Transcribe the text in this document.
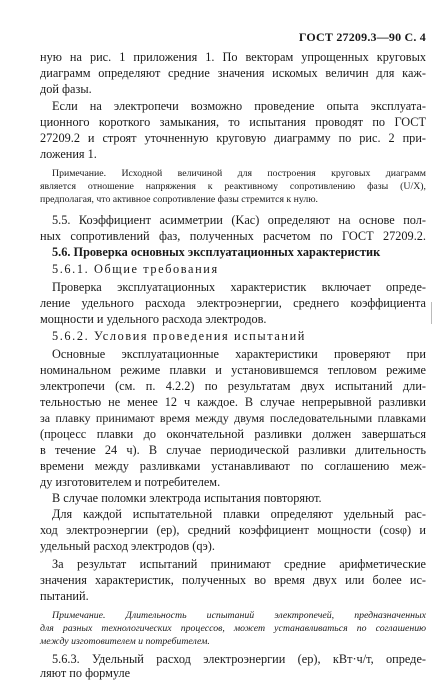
ГОСТ 27209.3—90 С. 4
ную на рис. 1 приложения 1. По векторам упрощенных круговых
диаграмм определяют средние значения искомых величин для каж-
дой фазы.
Если на электропечи возможно проведение опыта эксплуата-
ционного короткого замыкания, то испытания проводят по ГОСТ
27209.2 и строят уточненную круговую диаграмму по рис. 2 при-
ложения 1.
Примечание. Исходной величиной для построения круговых диаграмм
является отношение напряжения к реактивному сопротивлению фазы (U/X),
предполагая, что активное сопротивление фазы стремится к нулю.
5.5. Коэффициент асимметрии (Kас) определяют на основе пол-
ных сопротивлений фаз, полученных расчетом по ГОСТ 27209.2.
5.6. Проверка основных эксплуатационных характеристик
5.6.1. Общие требования
Проверка эксплуатационных характеристик включает опреде-
ление удельного расхода электроэнергии, среднего коэффициента
мощности и удельного расхода электродов.
5.6.2. Условия проведения испытаний
Основные эксплуатационные характеристики проверяют при
номинальном режиме плавки и установившемся тепловом режиме
электропечи (см. п. 4.2.2) по результатам двух испытаний дли-
тельностью не менее 12 ч каждое. В случае непрерывной разливки
за плавку принимают время между двумя последовательными плавками
(процесс плавки до окончательной разливки должен завершаться
в течение 24 ч). В случае периодической разливки длительность
времени между разливками устанавливают по соглашению меж-
ду изготовителем и потребителем.
В случае поломки электрода испытания повторяют.
Для каждой испытательной плавки определяют удельный рас-
ход электроэнергии (eр), средний коэффициент мощности (cosφ) и
удельный расход электродов (qэ).
За результат испытаний принимают средние арифметические
значения характеристик, полученных во время двух или более ис-
пытаний.
Примечание. Длительность испытаний электропечей, предназначенных
для разных технологических процессов, может устанавливаться по соглашению
между изготовителем и потребителем.
5.6.3. Удельный расход электроэнергии (eр), кВт·ч/т, опреде-
ляют по формуле
